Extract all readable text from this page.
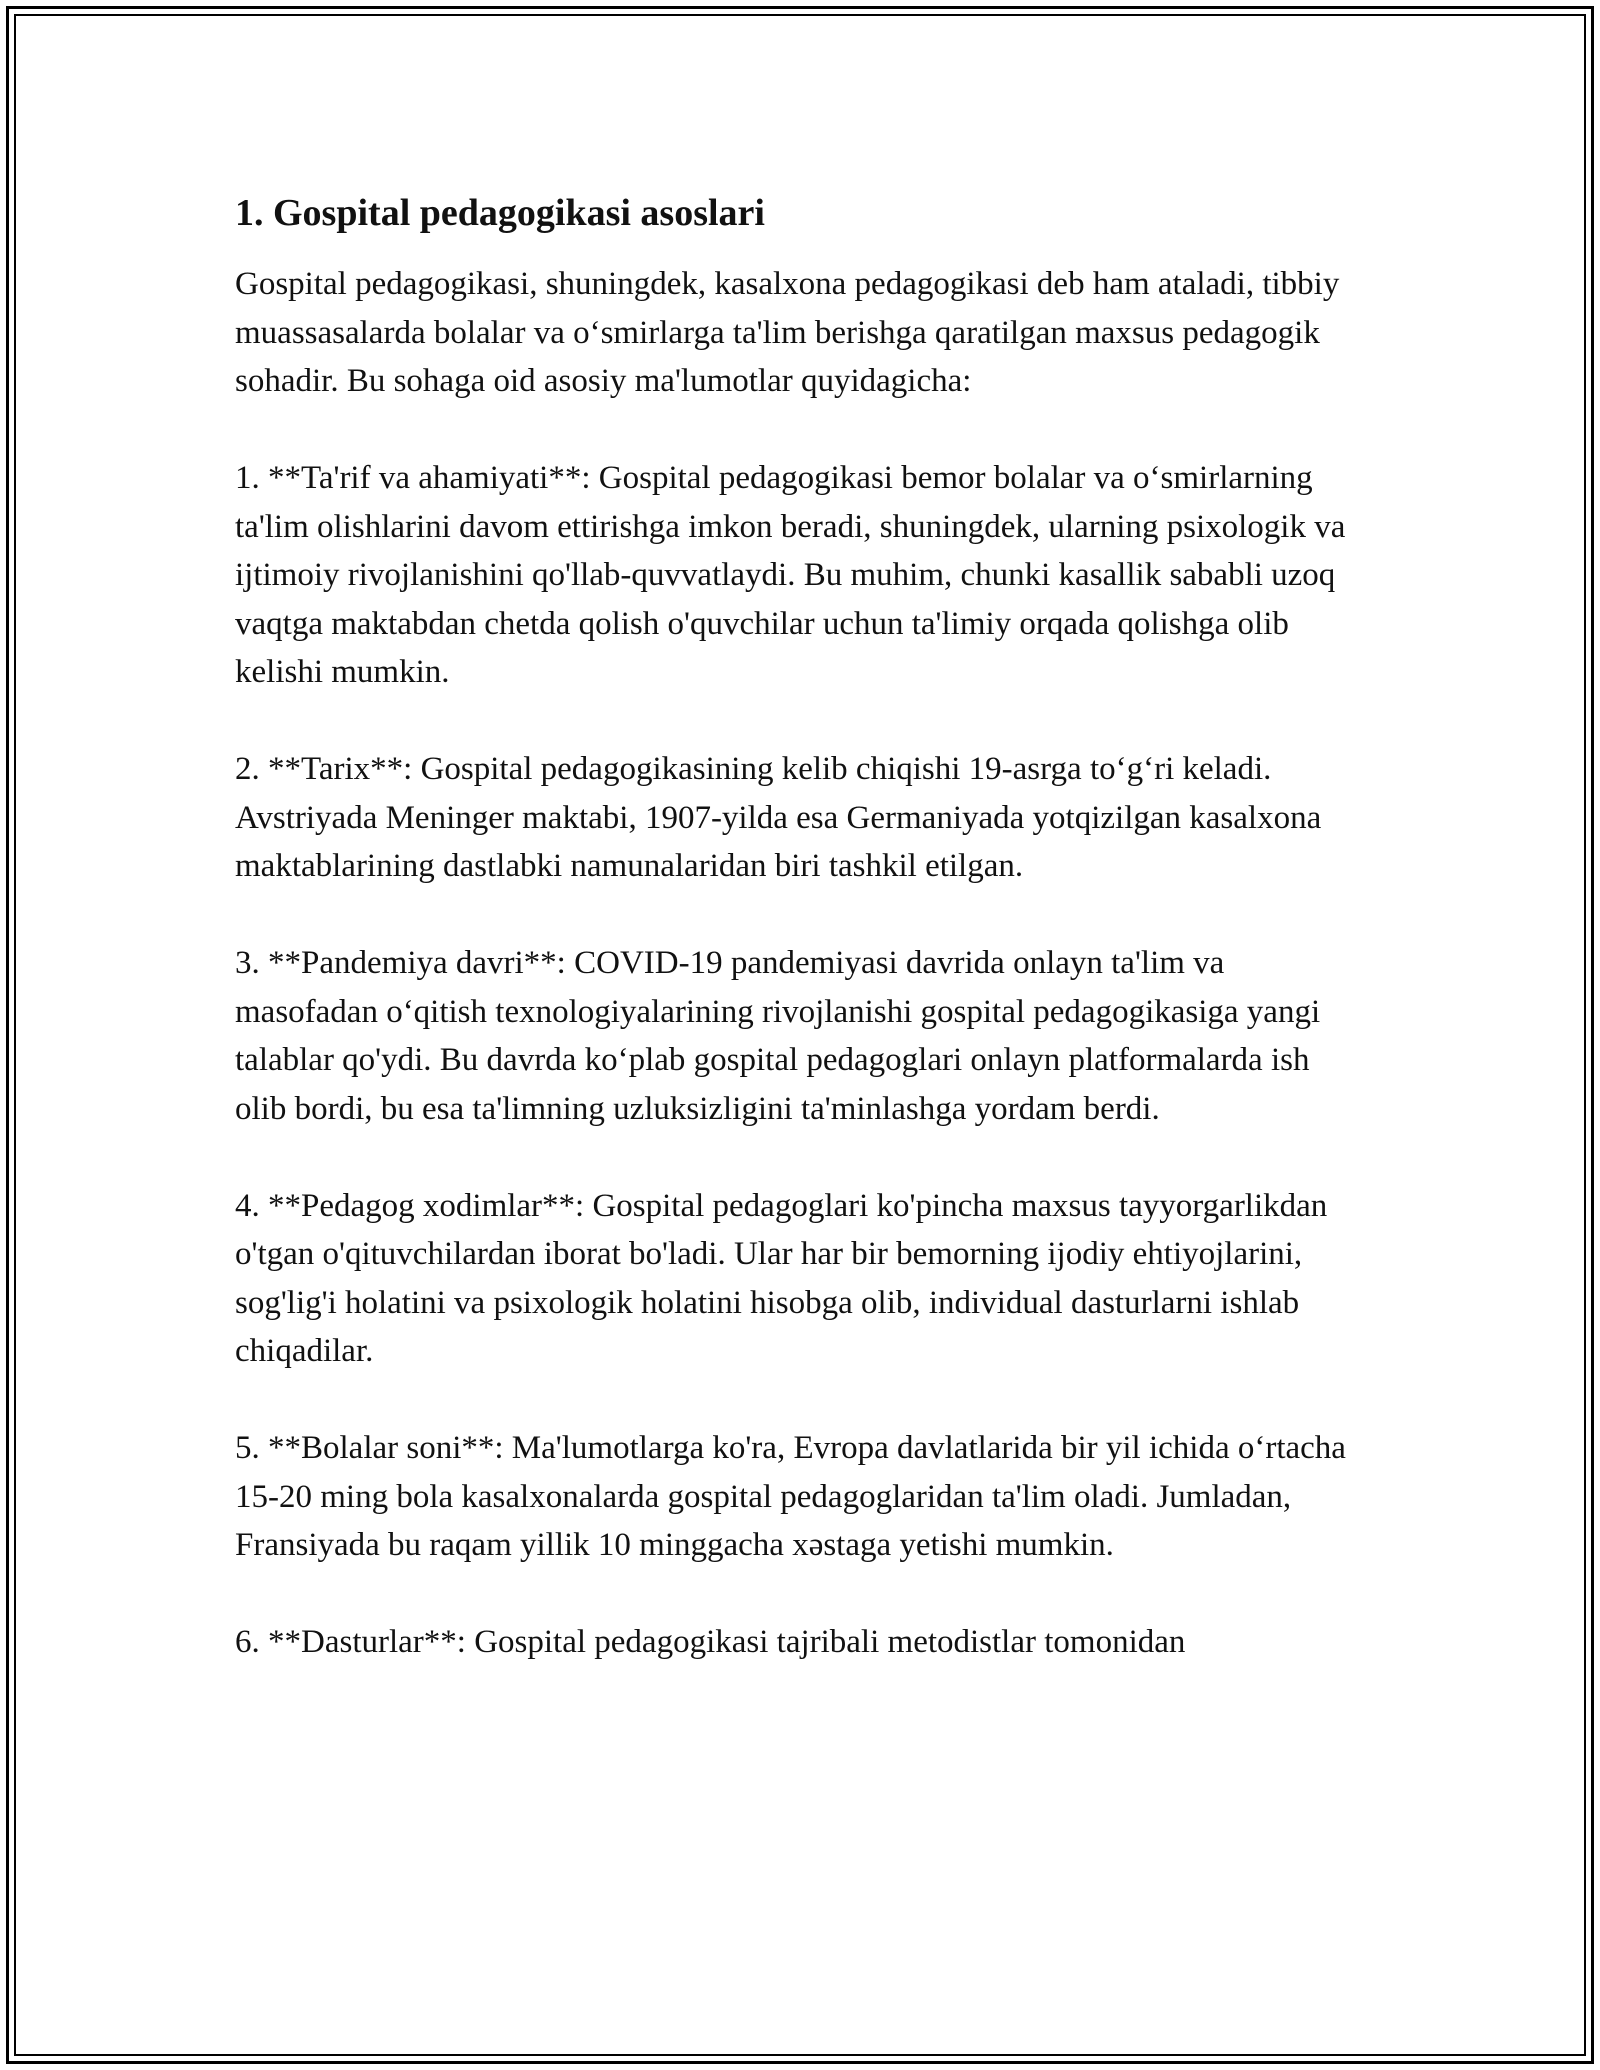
1. Gospital pedagogikasi asoslari

Gospital pedagogikasi, shuningdek, kasalxona pedagogikasi deb ham ataladi, tibbiy muassasalarda bolalar va o‘smirlarga ta'lim berishga qaratilgan maxsus pedagogik sohadir. Bu sohaga oid asosiy ma'lumotlar quyidagicha:

1. **Ta'rif va ahamiyati**: Gospital pedagogikasi bemor bolalar va o‘smirlarning ta'lim olishlarini davom ettirishga imkon beradi, shuningdek, ularning psixologik va ijtimoiy rivojlanishini qo'llab-quvvatlaydi. Bu muhim, chunki kasallik sababli uzoq vaqtga maktabdan chetda qolish o'quvchilar uchun ta'limiy orqada qolishga olib kelishi mumkin.

2. **Tarix**: Gospital pedagogikasining kelib chiqishi 19-asrga to‘g‘ri keladi. Avstriyada Meninger maktabi, 1907-yilda esa Germaniyada yotqizilgan kasalxona maktablarining dastlabki namunalaridan biri tashkil etilgan.

3. **Pandemiya davri**: COVID-19 pandemiyasi davrida onlayn ta'lim va masofadan o‘qitish texnologiyalarining rivojlanishi gospital pedagogikasiga yangi talablar qo'ydi. Bu davrda ko‘plab gospital pedagoglari onlayn platformalarda ish olib bordi, bu esa ta'limning uzluksizligini ta'minlashga yordam berdi.

4. **Pedagog xodimlar**: Gospital pedagoglari ko'pincha maxsus tayyorgarlikdan o'tgan o'qituvchilardan iborat bo'ladi. Ular har bir bemorning ijodiy ehtiyojlarini, sog'lig'i holatini va psixologik holatini hisobga olib, individual dasturlarni ishlab chiqadilar.

5. **Bolalar soni**: Ma'lumotlarga ko'ra, Evropa davlatlarida bir yil ichida o‘rtacha 15-20 ming bola kasalxonalarda gospital pedagoglaridan ta'lim oladi. Jumladan, Fransiyada bu raqam yillik 10 minggacha xəstaga yetishi mumkin.

6. **Dasturlar**: Gospital pedagogikasi tajribali metodistlar tomonidan
